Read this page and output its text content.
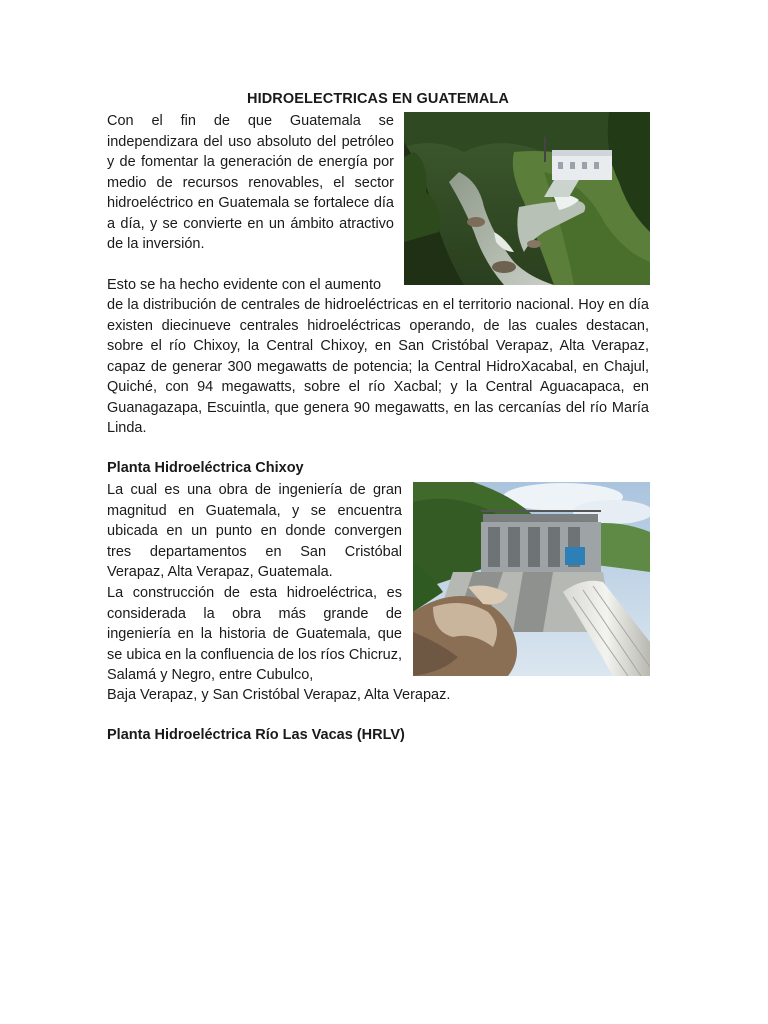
HIDROELECTRICAS EN GUATEMALA

Con el fin de que Guatemala se independizara del uso absoluto del petróleo y de fomentar la generación de energía por medio de recursos renovables, el sector hidroeléctrico en Guatemala se fortalece día a día, y se convierte en un ámbito atractivo de la inversión.

Esto se ha hecho evidente con el aumento

de la distribución de centrales de hidroeléctricas en el territorio nacional. Hoy en día existen diecinueve centrales hidroeléctricas operando, de las cuales destacan, sobre el río Chixoy, la Central Chixoy, en San Cristóbal Verapaz, Alta Verapaz, capaz de generar 300 megawatts de potencia; la Central HidroXacabal, en Chajul, Quiché, con 94 megawatts, sobre el río Xacbal; y la Central Aguacapaca, en Guanagazapa, Escuintla, que genera 90 megawatts, en las cercanías del río María Linda.

Planta Hidroeléctrica Chixoy

La cual es una obra de ingeniería de gran magnitud en Guatemala, y se encuentra ubicada en un punto en donde convergen tres departamentos en San Cristóbal Verapaz, Alta Verapaz, Guatemala.

La construcción de esta hidroeléctrica, es considerada la obra más grande de ingeniería en la historia de Guatemala, que se ubica en la confluencia de los ríos Chicruz, Salamá y Negro, entre Cubulco,

Baja Verapaz, y San Cristóbal Verapaz, Alta Verapaz.
Planta Hidroeléctrica Río Las Vacas (HRLV)
